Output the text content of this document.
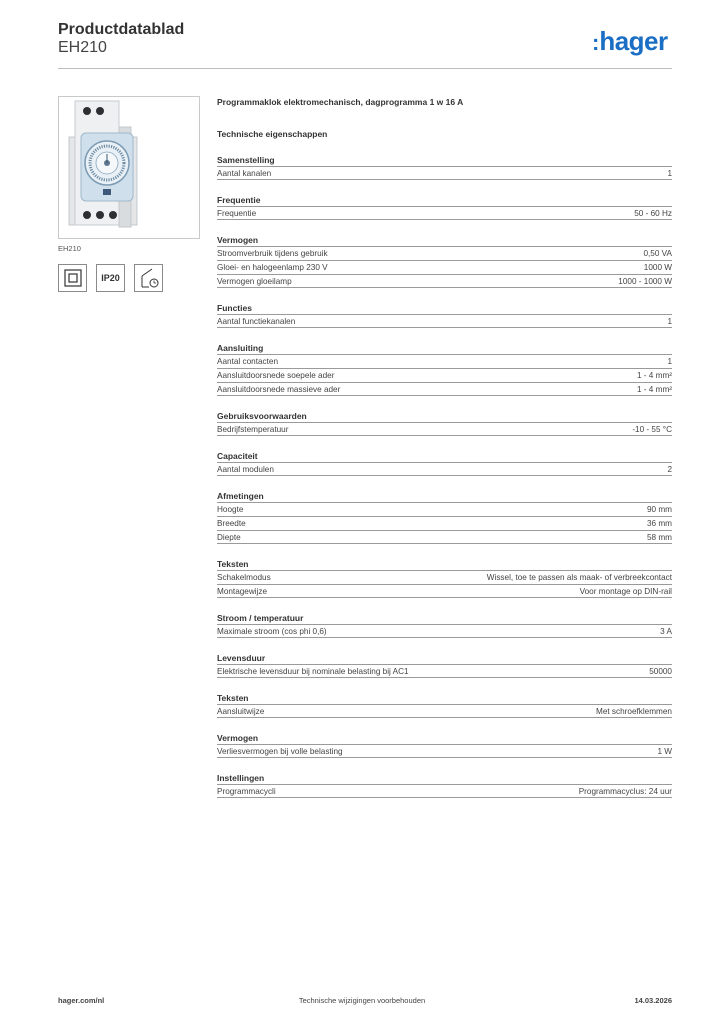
Productdatablad
EH210	:hager
EH210
IP20
Programmaklok elektromechanisch, dagprogramma 1 w 16 A
Technische eigenschappen
Samenstelling
Aantal kanalen	1
Frequentie
Frequentie	50 - 60 Hz
Vermogen
Stroomverbruik tijdens gebruik	0,50 VA
Gloei- en halogeenlamp 230 V	1000 W
Vermogen gloeilamp	1000 - 1000 W
Functies
Aantal functiekanalen	1
Aansluiting
Aantal contacten	1
Aansluitdoorsnede soepele ader	1 - 4 mm²
Aansluitdoorsnede massieve ader	1 - 4 mm²
Gebruiksvoorwaarden
Bedrijfstemperatuur	-10 - 55 °C
Capaciteit
Aantal modulen	2
Afmetingen
Hoogte	90 mm
Breedte	36 mm
Diepte	58 mm
Teksten
Schakelmodus	Wissel, toe te passen als maak- of verbreekcontact
Montagewijze	Voor montage op DIN-rail
Stroom / temperatuur
Maximale stroom (cos phi 0,6)	3 A
Levensduur
Elektrische levensduur bij nominale belasting bij AC1	50000
Teksten
Aansluitwijze	Met schroefklemmen
Vermogen
Verliesvermogen bij volle belasting	1 W
Instellingen
Programmacycli	Programmacyclus: 24 uur
hager.com/nl	Technische wijzigingen voorbehouden	14.03.2026
